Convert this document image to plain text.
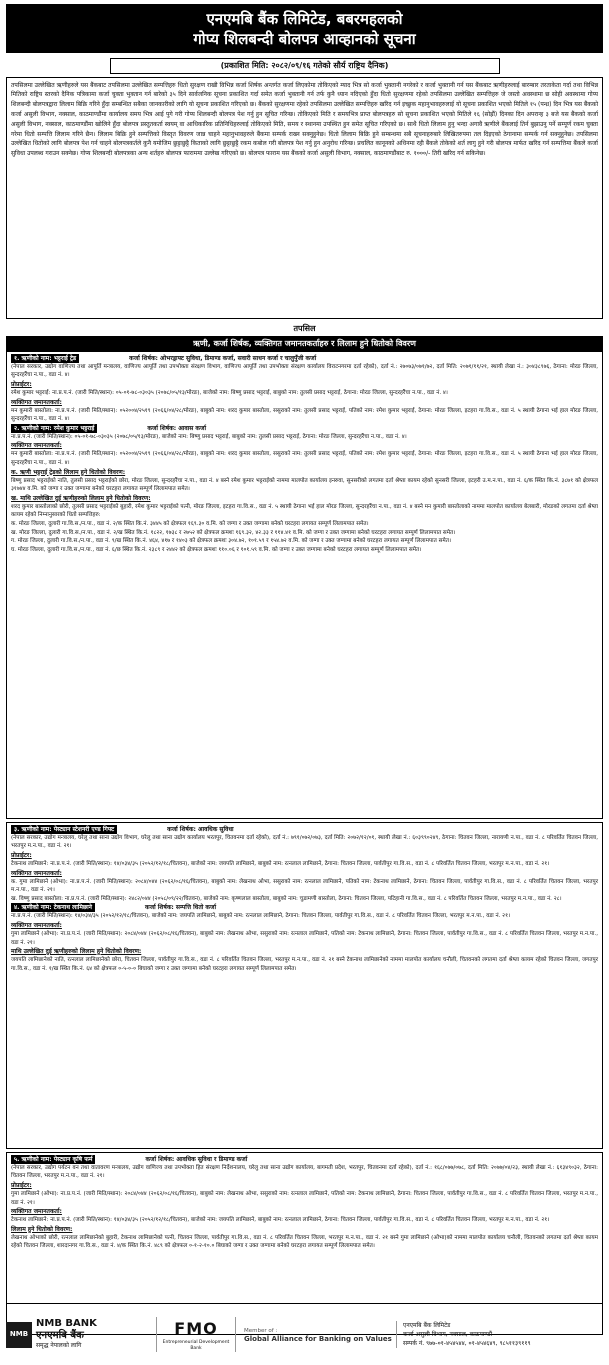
एनएमबि बैंक लिमिटेड, बबरमहलको
गोप्य शिलबन्दी बोलपत्र आव्हानको सूचना
(प्रकाशित मिति: २०८२/०९/१६ गतेको सौर्य राष्ट्रिय दैनिक)
तपसिलमा उल्लेखित ऋणीहरुले यस बैंकबाट तपसिलमा उल्लेखित सम्पत्तिहरु धितो सुरक्षण राखी विभिन्न कर्जा शिर्षक अन्तर्गत कर्जा लिएकोमा तोकिएको म्याद भित्र सो कर्जा भुक्तानी नगरेको र कर्जा भुक्तानी गर्न यस बैंकबाट ऋणीहरुलाई बारम्बार तरताकेता गर्दा तथा विभिन्न मितिको राष्ट्रिय स्तरको दैनिक पत्रिकामा कर्जा चुक्ता भुक्तान गर्न बारेको ३५ दिने सार्वजनिक सूचना प्रकाशित गर्दा समेत कर्जा भुक्तानी गर्न तर्फ कुनै ध्यान नदिएको हुँदा धितो सुरक्षणमा रहेको तपसिलमा उल्लेखित सम्पत्तिहरु जे जस्तो अवस्थामा छ सोही अवस्थामा गोप्य शिलबन्दी बोलपत्रद्वारा लिलाम बिक्रि गरिने हुँदा सम्बन्धित सबैका जानकारीको लागि यो सूचना प्रकाशित गरिएको छ। बैंकको सुरक्षणमा रहेको तपसिलमा उल्लेखित सम्पत्तिहरु खरिद गर्न इच्छुक महानुभावहरुलाई यो सूचना प्रकाशित भएको मितिले १५ (पन्ध्र) दिन भित्र यस बैंकको कर्जा असुली विभाग, नक्साल, काठमाण्डौंमा कार्यालय समय भित्र आई पुगे गरी गोप्य शिलबन्दी बोलपत्र पेश गर्नु हुन सूचित गरिन्छ। तोकिएको मिति र समयभित्र प्राप्त बोलपत्रहरु सो सूचना प्रकाशित भएको मितिले १६ (सोह्रौं) दिनका दिन अपरान्ह ३ बजे यस बैंकको कर्जा असुली विभाग, नक्साल, काठमाण्डौंमा खोलिने हुँदा बोलपत्र प्रस्तुतकर्ता स्वयम् वा आधिकारिक प्रतिनिधिहरुलाई तोकिएको मिति, समय र स्थानमा उपस्थित हुन समेत सूचित गरिएको छ। साथै धितो लिलाम हुनु भन्दा अगावै ऋणीले बैंकलाई तिर्न बुझाउनु पर्ने सम्पूर्ण रकम चुक्ता गरेमा धितो सम्पत्ति लिलाम गरिने छैन। लिलाम बिक्रि हुने सम्पत्तिको विस्तृत विवरण जान्न चाहने महानुभावहरुले बैंकमा सम्पर्क राख्न सक्नुहुनेछ। धितो लिलाम बिक्रि हुने सम्बन्धमा सबै सूचनाहरुबारे लिखितरुपमा तल दिइएको ठेगानामा सम्पर्क गर्न सक्नुहुनेछ। तपसिलमा उल्लेखित धितोको लागि बोलपत्र पेश गर्न चाहने बोलपत्रकर्तले कुनै यमोजिम छुट्टाछुट्टै किताको लागि छुट्टाछुट्टै रकम कबोल गरी बोलपत्र पेश गर्नु हुन अनुरोध गरिन्छ। प्रचलित कानूनको अधिनमा रही बैंकले तोकेको शर्त लागु हुने गरी बोलपत्र मार्फत खरिद गर्न सम्पत्तिमा बैंकले कर्जा सुविधा उपलब्ध गराउन सक्नेछ। गोप्य शिलबन्दी बोलपत्रका अन्य शर्तहरु बोलपत्र फाराममा उल्लेख गरिएको छ। बोलपत्र फाराम यस बैंकको कर्जा असुली विभाग, नक्साल, काठमाण्डौंबाट रु. १०००/- तिरी खरिद गर्न सकिनेछ।
तपसिल
ऋणी, कर्जा शिर्षक, व्यक्तिगत जमानतकर्ताहरु र लिलाम हुने धितोको विवरण
१. ऋणीको नाम: भट्टराई ट्रेड	कर्जा शिर्षक: ओभरड्राफ्ट सुविधा, डिमाण्ड कर्जा, सवारी साधन कर्जा र चालुपुँजी कर्जा
(नेपाल सरकार, उद्योग वाणिज्य तथा आपूर्ति मन्त्रालय, वाणिज्य आपूर्ति तथा उपभोक्ता संरक्षण विभाग, वाणिज्य आपूर्ति तथा उपभोक्ता संरक्षण कार्यालय विराटनगरमा दर्ता रहेको), दर्ता नं.: २७०७३/०७१/७२, दर्ता मिति: २०७१/११/२१, स्थायी लेखा नं.: ३०४३८९७६, ठेगाना: मोरङ जिल्ला, सुन्दरहरैंचा न.पा., वडा नं. ४।
प्रोप्राईटर:
रमेश कुमार भट्टराई: ना.प्र.प.नं. (जारी मिति/स्थान): ०५-०१-७८-०३०३५ (२०७८/०५/१३/मोरङ), बाजेको नाम: बिष्णु प्रसाद भट्टराई, बाबुको नाम: तुलसी प्रसाद भट्टराई, ठेगाना: मोरङ जिल्ला, सुन्दरहरैंचा न.पा., वडा नं. ४।
व्यक्तिगत जमानतकर्ता:
मन कुमारी बास्तोला: ना.प्र.प.नं. (जारी मिति/स्थान): ०५२००४/२५१९ (२०६६/०४/२८/मोरङ), बाबुको नाम: शरद कुमार बास्तोला, ससुराको नाम: तुलसी प्रसाद भट्टराई, पतिको नाम: रमेश कुमार भट्टराई, ठेगाना: मोरङ जिल्ला, इटहरा गा.वि.स., वडा नं. ५ स्थायी ठेगाना भई हाल मोरङ जिल्ला, सुन्दरहरैंचा न.पा., वडा नं. ४।
२. ऋणीको नाम: रमेश कुमार भट्टराई	कर्जा शिर्षक: आवास कर्जा
ना.प्र.प.नं. (जारी मिति/स्थान): ०५-०१-७८-०३०३५ (२०७८/०५/१३/मोरङ), बाजेको नाम: बिष्णु प्रसाद भट्टराई, बाबुको नाम: तुलसी प्रसाद भट्टराई, ठेगाना: मोरङ जिल्ला, सुन्दरहरैंचा न.पा., वडा नं. ४।
व्यक्तिगत जमानतकर्ता:
मन कुमारी बास्तोला: ना.प्र.प.नं. (जारी मिति/स्थान): ०५२००४/२५१९ (२०६६/०४/२८/मोरङ), बाबुको नाम: शरद कुमार बास्तोला, ससुराको नाम: तुलसी प्रसाद भट्टराई, पतिको नाम: रमेश कुमार भट्टराई, ठेगाना: मोरङ जिल्ला, इटहरा गा.वि.स., वडा नं. ५ स्थायी ठेगाना भई हाल मोरङ जिल्ला, सुन्दरहरैंचा न.पा., वडा नं. ४।
क. ऋणी भट्टराई ट्रेडको लिलाम हुने धितोको विवरण:
बिष्णु प्रसाद भट्टराईको नाति, तुलसी प्रसाद भट्टराईको छोरा, मोरङ जिल्ला, सुन्दरहरैंचा न.पा., वडा नं. ४ बस्ने रमेश कुमार भट्टराईको नाममा मालपोत कार्यालय इनरुवा, सुनसरीको लगतमा दर्ता श्रेष्ता कायम रहेको सुनसरी जिल्ला, इटहरी उ.म.न.पा., वडा नं. ६/क स्थित कि.नं. ३८७१ को क्षेत्रफल ३१७४४ व.मि. को जग्गा र उक्त जग्गामा बनेको घरटहरा लगायत सम्पूर्ण लिलामपात समेत।
ख. माथि उल्लेखित दुई ऋणीहरुको लिलाम हुने धितोको विवरण:
शरद कुमार बास्तोलाको छोरी, तुलसी प्रसाद भट्टराईको बुहारी, रमेश कुमार भट्टराईको पत्नी, मोरङ जिल्ला, इटहरा गा.वि.स., वडा नं. ५ स्थायी ठेगाना भई हाल मोरङ जिल्ला, सुन्दरहरैंचा न.पा., वडा नं. ४ बस्ने मन कुमारी बास्तोलाको नाममा मालपोत कार्यालय बेलबारी, मोरङको लगतमा दर्ता श्रेष्ता कायम रहेको निम्नानुसारको धितो सम्पत्तिहरु:
क. मोरङ जिल्ला, दुलारी गा.वि.स./न.पा., वडा नं. २/क स्थित कि.नं. ३४४५ को क्षेत्रफल १६९.३० व.मि. को जग्गा र उक्त जग्गामा बनेको घरटहरा लगायत सम्पूर्ण लिलामपात समेत।
ख. मोरङ जिल्ला, दुलारी गा.वि.स./न.पा., वडा नं. २/ख स्थित कि.नं. १८२२, १७३८ र २७५२ को क्षेत्रफल क्रमशः १६९.३२, ४२.३३ र ११४.४१ व.मि. को जग्गा र उक्त जग्गामा बनेको घरटहरा लगायत सम्पूर्ण लिलामपात समेत।
ग. मोरङ जिल्ला, दुलारी गा.वि.स./न.पा., वडा नं. ९/ख स्थित कि.नं. ४६४, ४१७ र १४०३ को क्षेत्रफल क्रमशः ३०४.७२, १०१.५९ र १५४.७२ व.मि. को जग्गा र उक्त जग्गामा बनेको घरटहरा लगायत सम्पूर्ण लिलामपात समेत।
घ. मोरङ जिल्ला, दुलारी गा.वि.स./न.पा., वडा नं. ६/छ स्थित कि.नं. २३८९ र २४४२ को क्षेत्रफल क्रमशः ११०.०६ र १०१.५९ व.मि. को जग्गा र उक्त जग्गामा बनेको घरटहरा लगायत सम्पूर्ण लिलामपात समेत।
३. ऋणीको नाम: पेस्ट्यान स्टेशनरी एण्ड गिफ्ट	कर्जा शिर्षक: आवधिक सुविधा
(नेपाल सरकार, उद्योग मन्त्रालय, घरेलु तथा साना उद्योग विभाग, घरेलु तथा साना उद्योग कार्यालय भरतपुर, चितवनमा दर्ता रहेको), दर्ता नं.: ७९१/०७२/०७३, दर्ता मिति: २०७२/१२/०१, स्थायी लेखा नं.: ६०३९९०२४९, ठेगाना: चितवन जिल्ला, नारायणी न.पा., वडा नं. ८ परिवर्तित चितवन जिल्ला, भरतपुर म.न.पा., वडा नं. २१।
प्रोप्राईटर:
टेकनाथ लामिछाने: ना.प्र.प.नं. (जारी मिति/स्थान): १४/०३४/३५ (२०५२/१२/१८/चितवन), बाजेको नाम: जयपति लामिछाने, बाबुको नाम: रत्नलाल लामिछाने, ठेगाना: चितवन जिल्ला, पार्वतीपुर गा.वि.स., वडा नं. ८ परिवर्तित चितवन जिल्ला, भरतपुर म.न.पा., वडा नं. २१।
व्यक्तिगत जमानतकर्ता:
क. गुमा लामिछाने (ओभा): ना.प्र.प.नं. (जारी मिति/स्थान): २०८४/०४४ (२०६२/०८/१६/चितवन), बाबुको नाम: लेखनाथ ओभा, ससुराको नाम: रत्नलाल लामिछाने, पतिको नाम: टेकनाथ लामिछाने, ठेगाना: चितवन जिल्ला, पार्वतीपुर गा.वि.स., वडा नं. ८ परिवर्तित चितवन जिल्ला, भरतपुर म.न.पा., वडा नं. २१।
ख. विष्णु प्रसाद बास्तोला: ना.प्र.प.नं. (जारी मिति/स्थान): २४८२/०४४ (२०५८/०९/२२/चितवन), बाजेको नाम: कृष्णलाल बास्तोला, बाबुको नाम: चुडामणी बास्तोला, ठेगाना: चितवन जिल्ला, पटिहानी गा.वि.स., वडा नं. ८ परिवर्तित चितवन जिल्ला, भरतपुर म.न.पा., वडा नं. २८।
४. ऋणीको नाम: टेकनाथ लामिछाने	कर्जा शिर्षक: सम्पत्ति धितो कर्जा
ना.प्र.प.नं. (जारी मिति/स्थान): १४/०३४/३५ (२०५२/१२/१८/चितवन), बाजेको नाम: जयपति लामिछाने, बाबुको नाम: रत्नलाल लामिछाने, ठेगाना: चितवन जिल्ला, पार्वतीपुर गा.वि.स., वडा नं. ८ परिवर्तित चितवन जिल्ला, भरतपुर म.न.पा., वडा नं. २१।
व्यक्तिगत जमानतकर्ता:
गुमा लामिछाने (ओभा): ना.प्र.प.नं. (जारी मिति/स्थान): २०८४/०४४ (२०६२/०८/१६/चितवन), बाबुको नाम: लेखनाथ ओभा, ससुराको नाम: रत्नलाल लामिछाने, पतिको नाम: टेकनाथ लामिछाने, ठेगाना: चितवन जिल्ला, पार्वतीपुर गा.वि.स., वडा नं. ८ परिवर्तित चितवन जिल्ला, भरतपुर म.न.पा., वडा नं. २१।
माथि उल्लेखित दुई ऋणीहरुको लिलाम हुने धितोको विवरण:
जयपति लामिछानेको नाति, रत्नलाल लामिछानेको छोरा, चितवन जिल्ला, पार्वतीपुर गा.वि.स., वडा नं. ८ परिवर्तित चितवन जिल्ला, भरतपुर म.न.पा., वडा नं. २१ बस्ने टेकनाथ लामिछानेको नाममा मालपोत कार्यालय चनौली, चितवनको लगतमा दर्ता श्रेष्ता कायम रहेको चितवन जिल्ला, जगतपुर गा.वि.स., वडा नं. १/ख स्थित कि.नं. ६४ को क्षेत्रफल ०-५-०-० बिघाको जग्गा र उक्त जग्गामा बनेको घरटहरा लगायत सम्पूर्ण लिलामपात समेत।
५. ऋणीको नाम: पेस्ट्यान कृषि फर्म	कर्जा शिर्षक: आवधिक सुविधा र डिमाण्ड कर्जा
(नेपाल सरकार, उद्योग पर्यटन वन तथा वातावरण मन्त्रालय, उद्योग वाणिज्य तथा उपभोक्ता हित संरक्षण निर्देशनालय, घरेलु तथा साना उद्योग कार्यालय, बागमती प्रदेश, भरतपुर, चितवनमा दर्ता रहेको), दर्ता नं.: १६८/०७७/०७८, दर्ता मिति: २०७७/०४/२३, स्थायी लेखा नं.: ६१३४९०३२, ठेगाना: चितवन जिल्ला, भरतपुर म.न.पा., वडा नं. २१।
प्रोप्राईटर:
गुमा लामिछाने (ओभा): ना.प्र.प.नं. (जारी मिति/स्थान): २०८४/०४४ (२०६२/०८/१६/चितवन), बाबुको नाम: लेखनाथ ओभा, ससुराको नाम: रत्नलाल लामिछाने, पतिको नाम: टेकनाथ लामिछाने, ठेगाना: चितवन जिल्ला, पार्वतीपुर गा.वि.स., वडा नं. ८ परिवर्तित चितवन जिल्ला, भरतपुर म.न.पा., वडा नं. २१।
व्यक्तिगत जमानतकर्ता:
टेकनाथ लामिछाने: ना.प्र.प.नं. (जारी मिति/स्थान): १४/०३४/३५ (२०५२/१२/१८/चितवन), बाजेको नाम: जयपति लामिछाने, बाबुको नाम: रत्नलाल लामिछाने, ठेगाना: चितवन जिल्ला, पार्वतीपुर गा.वि.स., वडा नं. ८ परिवर्तित चितवन जिल्ला, भरतपुर म.न.पा., वडा नं. २१।
लिलाम हुने धितोको विवरण:
लेखनाथ ओभाको छोरी, रत्नलाल लामिछानेको बुहारी, टेकनाथ लामिछानेको पत्नी, चितवन जिल्ला, पार्वतीपुर गा.वि.स., वडा नं. ८ परिवर्तित चितवन जिल्ला, भरतपुर म.न.पा., वडा नं. २१ बस्ने गुमा लामिछाने (ओभा)को नाममा मालपोत कार्यालय चनौली, चितवनको लगतमा दर्ता श्रेष्ता कायम रहेको चितवन जिल्ला, शारदानगर गा.वि.स., वडा नं. ४/क स्थित कि.नं. ४८९ को क्षेत्रफल ०-१-२-१०.० बिघाको जग्गा र उक्त जग्गामा बनेको घरटहरा लगायत सम्पूर्ण लिलामपात समेत।
NMB
NMB BANK
एनएमबि बैंक
समृद्ध नेपालको लागि
FMO
Entrepreneurial Development Bank
Member of :
Global Alliance for Banking on Values
एनएमबि बैंक लिमिटेड
कर्जा असुली विभाग, नक्साल, काठमाण्डौं
सम्पर्क नं. ९७७-०१-४५४५४४, ०१-४५४६४९, ९८५११३९११९
